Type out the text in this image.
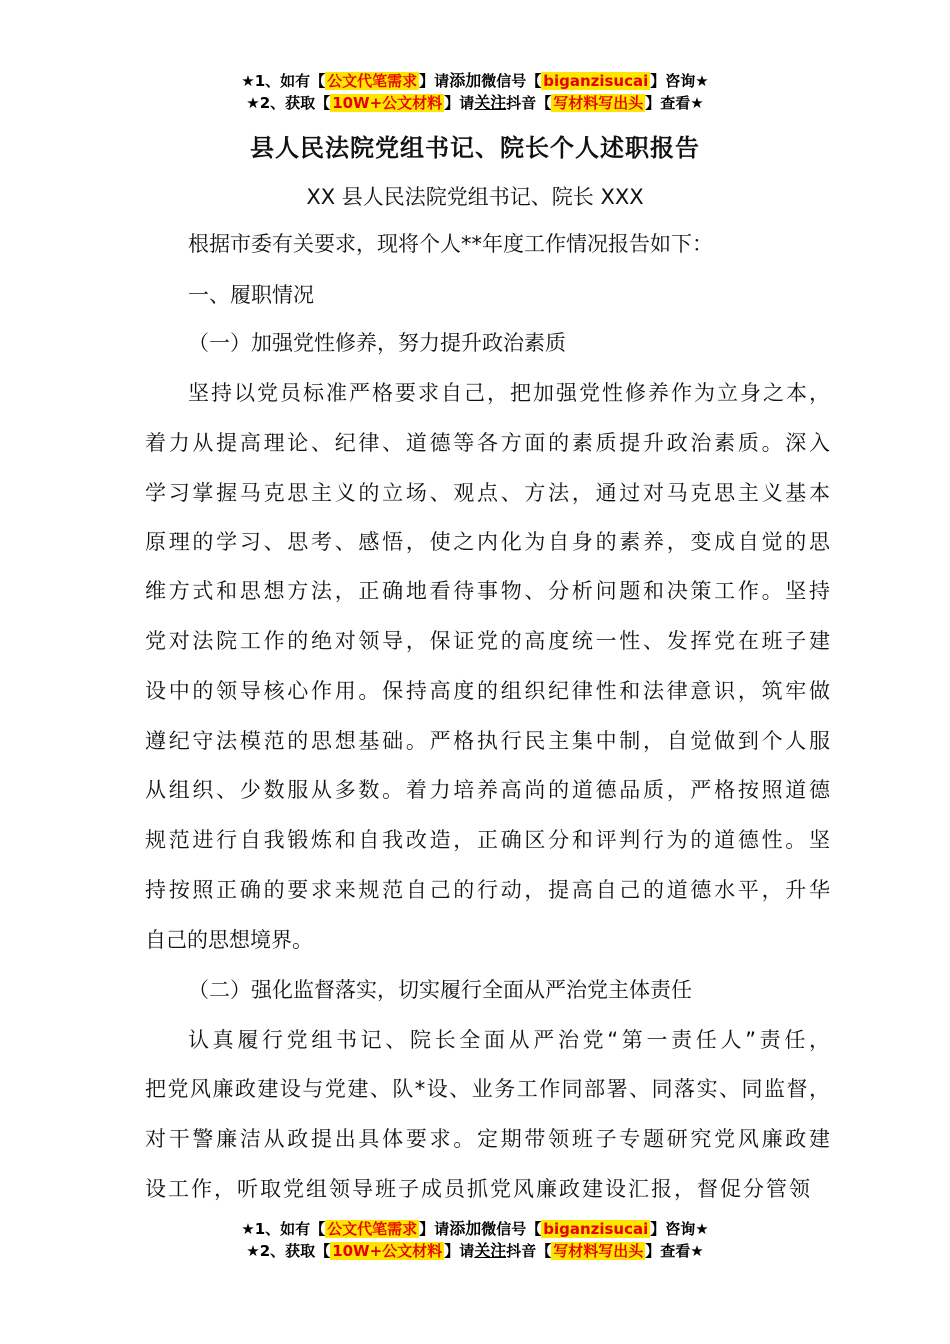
★1、如有【 公文代笔需求 】请添加微信号【 biganzisucai 】咨询★
★2、获取【 10W+公文材料 】请关注抖音【 写材料写出头 】查看★
县人民法院党组书记、院长个人述职报告
XX 县人民法院党组书记、院长 XXX
根据市委有关要求，现将个人**年度工作情况报告如下：
一、履职情况
（一）加强党性修养，努力提升政治素质
坚持以党员标准严格要求自己，把加强党性修养作为立身之本，
着力从提高理论、纪律、道德等各方面的素质提升政治素质。深入
学习掌握马克思主义的立场、观点、方法，通过对马克思主义基本
原理的学习、思考、感悟，使之内化为自身的素养，变成自觉的思
维方式和思想方法，正确地看待事物、分析问题和决策工作。坚持
党对法院工作的绝对领导，保证党的高度统一性、发挥党在班子建
设中的领导核心作用。保持高度的组织纪律性和法律意识，筑牢做
遵纪守法模范的思想基础。严格执行民主集中制，自觉做到个人服
从组织、少数服从多数。着力培养高尚的道德品质，严格按照道德
规范进行自我锻炼和自我改造，正确区分和评判行为的道德性。坚
持按照正确的要求来规范自己的行动，提高自己的道德水平，升华
自己的思想境界。
（二）强化监督落实，切实履行全面从严治党主体责任
认真履行党组书记、院长全面从严治党“第一责任人”责任，
把党风廉政建设与党建、队*设、业务工作同部署、同落实、同监督，
对干警廉洁从政提出具体要求。定期带领班子专题研究党风廉政建
设工作，听取党组领导班子成员抓党风廉政建设汇报，督促分管领
★1、如有【 公文代笔需求 】请添加微信号【 biganzisucai 】咨询★
★2、获取【 10W+公文材料 】请关注抖音【 写材料写出头 】查看★
